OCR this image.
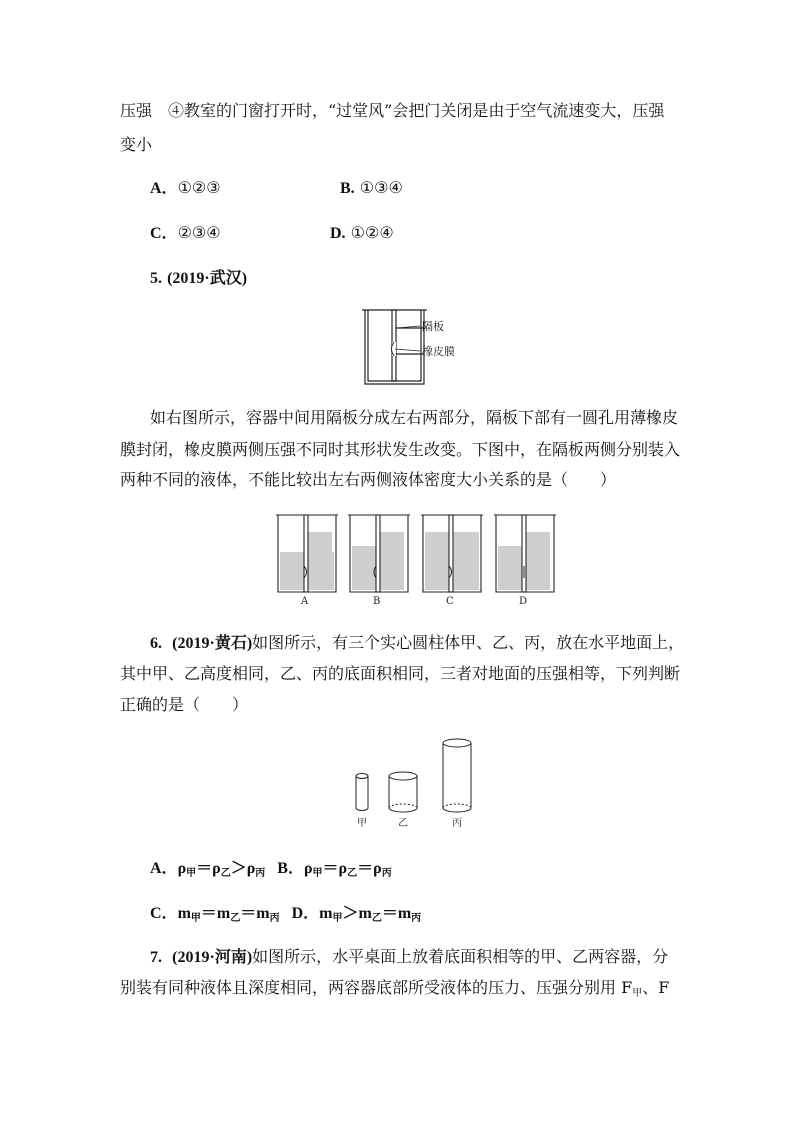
压强　④教室的门窗打开时，“过堂风”会把门关闭是由于空气流速变大，压强
变小
A．①②③	B. ①③④
C．②③④	D. ①②④
5. (2019·武汉)
隔板
橡皮膜
如右图所示，容器中间用隔板分成左右两部分，隔板下部有一圆孔用薄橡皮
膜封闭，橡皮膜两侧压强不同时其形状发生改变。下图中，在隔板两侧分别装入
两种不同的液体，不能比较出左右两侧液体密度大小关系的是（　　）
A	B	C	D
6. (2019·黄石)如图所示，有三个实心圆柱体甲、乙、丙，放在水平地面上，
其中甲、乙高度相同，乙、丙的底面积相同，三者对地面的压强相等，下列判断
正确的是（　　）
甲	乙	丙
A．$\rho_甲=\rho_乙>\rho_丙$ B．$\rho_甲=\rho_乙=\rho_丙$
C．$m_甲=m_乙=m_丙$ D．$m_甲>m_乙=m_丙$
7. (2019·河南)如图所示，水平桌面上放着底面积相等的甲、乙两容器，分
别装有同种液体且深度相同，两容器底部所受液体的压力、压强分别用 $F_甲$、F
